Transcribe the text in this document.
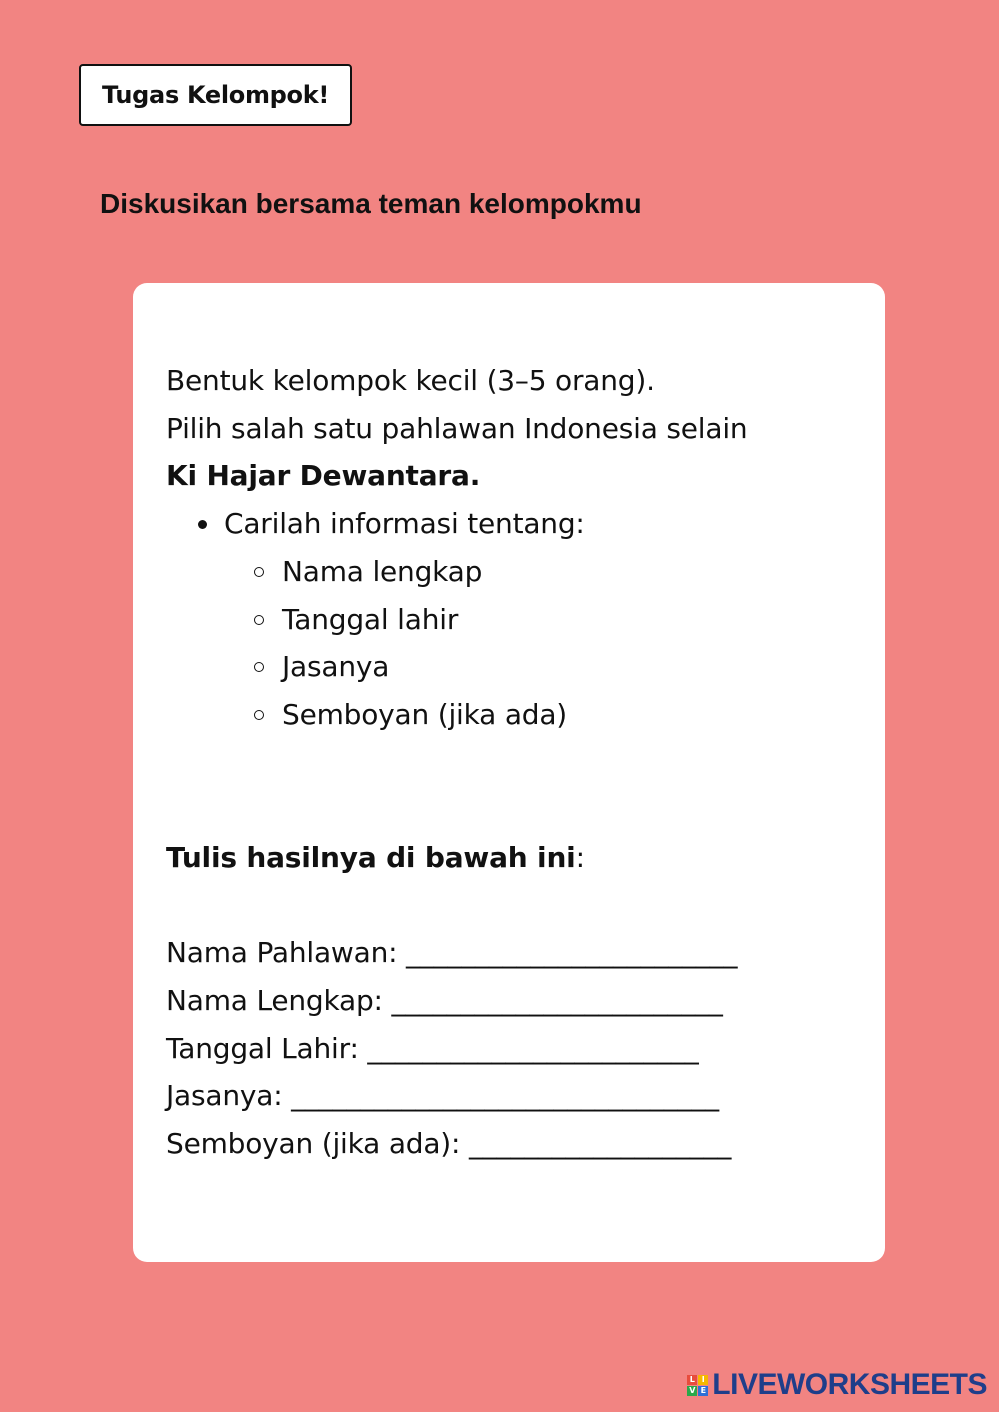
Tugas Kelompok!
Diskusikan bersama teman kelompokmu
Bentuk kelompok kecil (3–5 orang).
Pilih salah satu pahlawan Indonesia selain
Ki Hajar Dewantara.
Carilah informasi tentang:
Nama lengkap
Tanggal lahir
Jasanya
Semboyan (jika ada)
Tulis hasilnya di bawah ini:
Nama Pahlawan: ________________________
Nama Lengkap: ________________________
Tanggal Lahir: ________________________
Jasanya: _______________________________
Semboyan (jika ada): ___________________
L I
V E LIVEWORKSHEETS
